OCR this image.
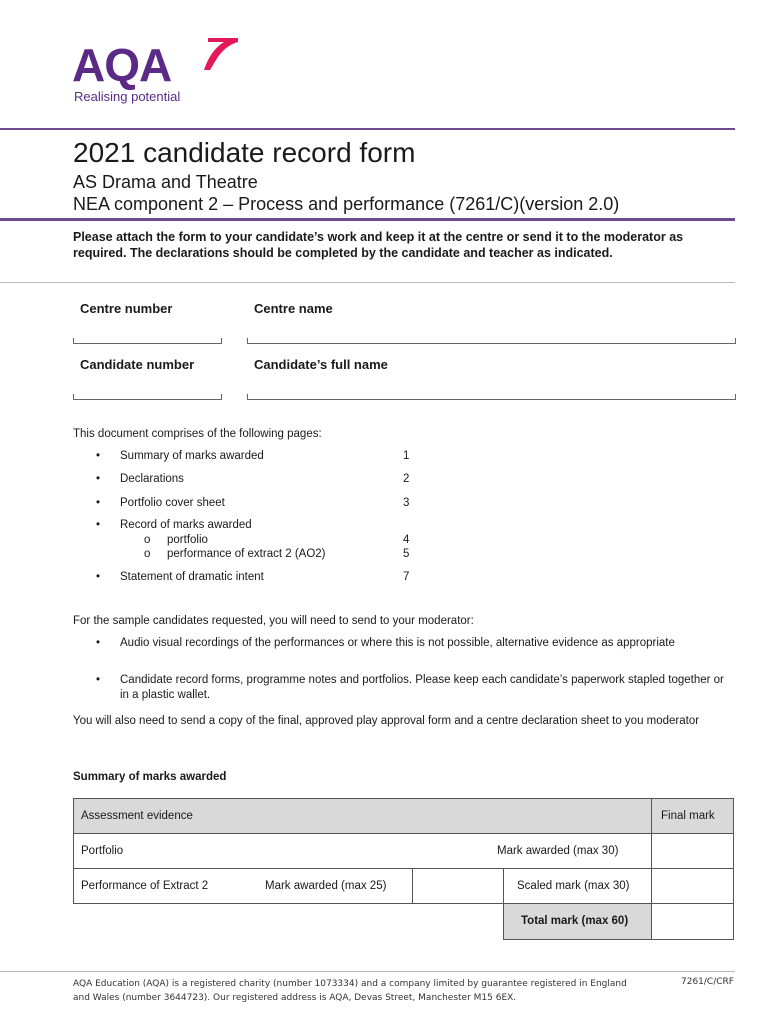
AQA
Realising potential
2021 candidate record form
AS Drama and Theatre
NEA component 2 – Process and performance (7261/C)(version 2.0)
Please attach the form to your candidate’s work and keep it at the centre or send it to the moderator as required. The declarations should be completed by the candidate and teacher as indicated.
Centre number	Centre name
Candidate number	Candidate’s full name
This document comprises of the following pages:
• Summary of marks awarded	1
• Declarations	2
• Portfolio cover sheet	3
• Record of marks awarded
o portfolio	4
o performance of extract 2 (AO2)	5
• Statement of dramatic intent	7
For the sample candidates requested, you will need to send to your moderator:
• Audio visual recordings of the performances or where this is not possible, alternative evidence as appropriate
• Candidate record forms, programme notes and portfolios. Please keep each candidate’s paperwork stapled together or in a plastic wallet.
You will also need to send a copy of the final, approved play approval form and a centre declaration sheet to you moderator
Summary of marks awarded
Assessment evidence	Final mark
Portfolio	Mark awarded (max 30)
Performance of Extract 2	Mark awarded (max 25)	Scaled mark (max 30)
Total mark (max 60)
AQA Education (AQA) is a registered charity (number 1073334) and a company limited by guarantee registered in England and Wales (number 3644723). Our registered address is AQA, Devas Street, Manchester M15 6EX.
7261/C/CRF
